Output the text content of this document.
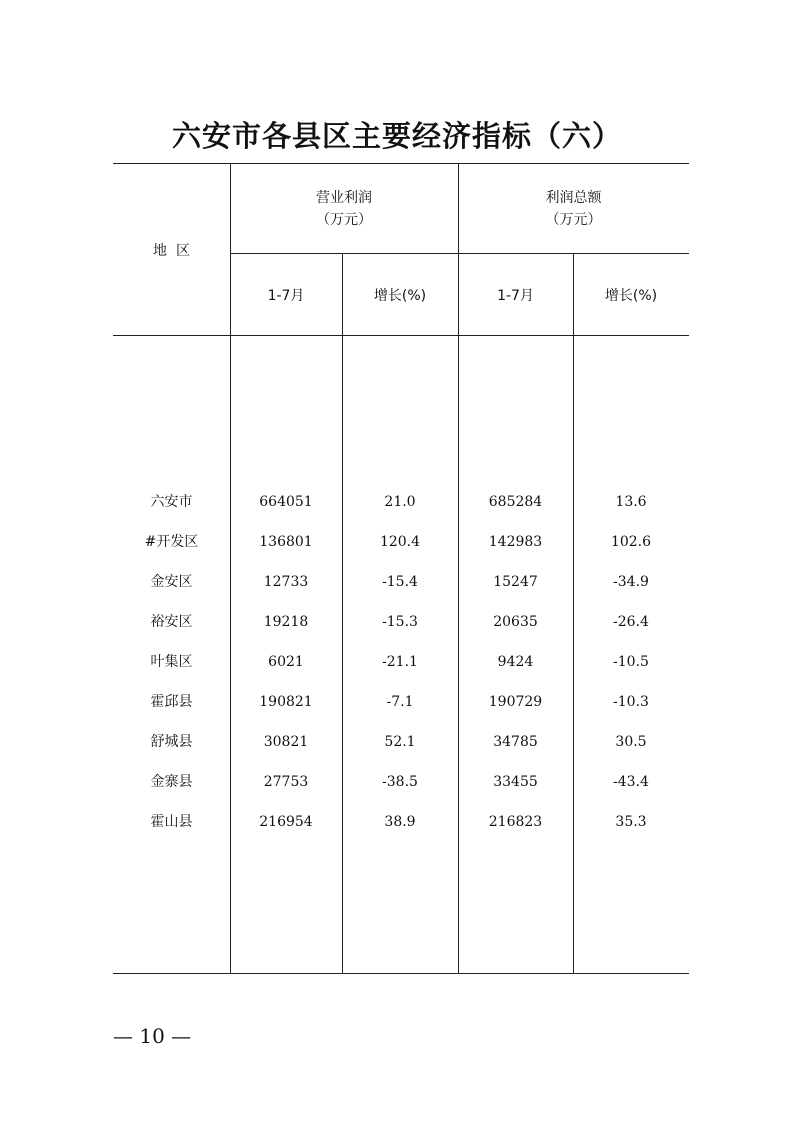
六安市各县区主要经济指标（六）
地  区
营业利润
（万元）
利润总额
（万元）
1-7月	增长(%)	1-7月	增长(%)
六安市	664051	21.0	685284	13.6
#开发区	136801	120.4	142983	102.6
金安区	12733	-15.4	15247	-34.9
裕安区	19218	-15.3	20635	-26.4
叶集区	6021	-21.1	9424	-10.5
霍邱县	190821	-7.1	190729	-10.3
舒城县	30821	52.1	34785	30.5
金寨县	27753	-38.5	33455	-43.4
霍山县	216954	38.9	216823	35.3
— 10 —
